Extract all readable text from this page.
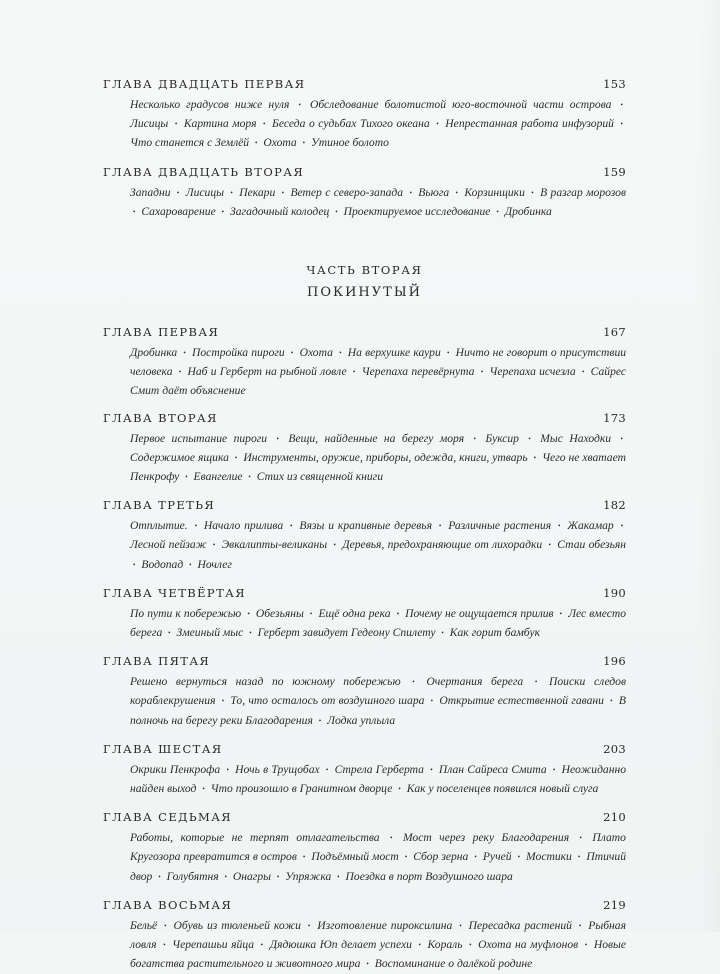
ГЛАВА ДВАДЦАТЬ ПЕРВАЯ	153
Несколько градусов ниже нуля • Обследование болотистой юго-восточной части острова • Лисицы • Картина моря • Беседа о судьбах Тихого океана • Непрестанная работа инфузорий • Что станется с Землёй • Охота • Утиное болото
ГЛАВА ДВАДЦАТЬ ВТОРАЯ	159
Западни • Лисицы • Пекари • Ветер с северо-запада • Вьюга • Корзинщики • В разгар морозов • Сахароварение • Загадочный колодец • Проектируемое исследование • Дробинка
ЧАСТЬ ВТОРАЯ
ПОКИНУТЫЙ
ГЛАВА ПЕРВАЯ	167
Дробинка • Постройка пироги • Охота • На верхушке каури • Ничто не говорит о присутствии человека • Наб и Герберт на рыбной ловле • Черепаха перевёрнута • Черепаха исчезла • Сайрес Смит даёт объяснение
ГЛАВА ВТОРАЯ	173
Первое испытание пироги • Вещи, найденные на берегу моря • Буксир • Мыс Находки • Содержимое ящика • Инструменты, оружие, приборы, одежда, книги, утварь • Чего не хватает Пенкрофу • Евангелие • Стих из священной книги
ГЛАВА ТРЕТЬЯ	182
Отплытие. • Начало прилива • Вязы и крапивные деревья • Различные растения • Жакамар • Лесной пейзаж • Эвкалипты-великаны • Деревья, предохраняющие от лихорадки • Стаи обезьян • Водопад • Ночлег
ГЛАВА ЧЕТВЁРТАЯ	190
По пути к побережью • Обезьяны • Ещё одна река • Почему не ощущается прилив • Лес вместо берега • Змеиный мыс • Герберт завидует Гедеону Спилету • Как горит бамбук
ГЛАВА ПЯТАЯ	196
Решено вернуться назад по южному побережью • Очертания берега • Поиски следов кораблекрушения • То, что осталось от воздушного шара • Открытие естественной гавани • В полночь на берегу реки Благодарения • Лодка уплыла
ГЛАВА ШЕСТАЯ	203
Окрики Пенкрофа • Ночь в Трущобах • Стрела Герберта • План Сайреса Смита • Неожиданно найден выход • Что произошло в Гранитном дворце • Как у поселенцев появился новый слуга
ГЛАВА СЕДЬМАЯ	210
Работы, которые не терпят отлагательства • Мост через реку Благодарения • Плато Кругозора превратится в остров • Подъёмный мост • Сбор зерна • Ручей • Мостики • Птичий двор • Голубятня • Онагры • Упряжка • Поездка в порт Воздушного шара
ГЛАВА ВОСЬМАЯ	219
Бельё • Обувь из тюленьей кожи • Изготовление пироксилина • Пересадка растений • Рыбная ловля • Черепашьи яйца • Дядюшка Юп делает успехи • Кораль • Охота на муфлонов • Новые богатства растительного и животного мира • Воспоминание о далёкой родине
